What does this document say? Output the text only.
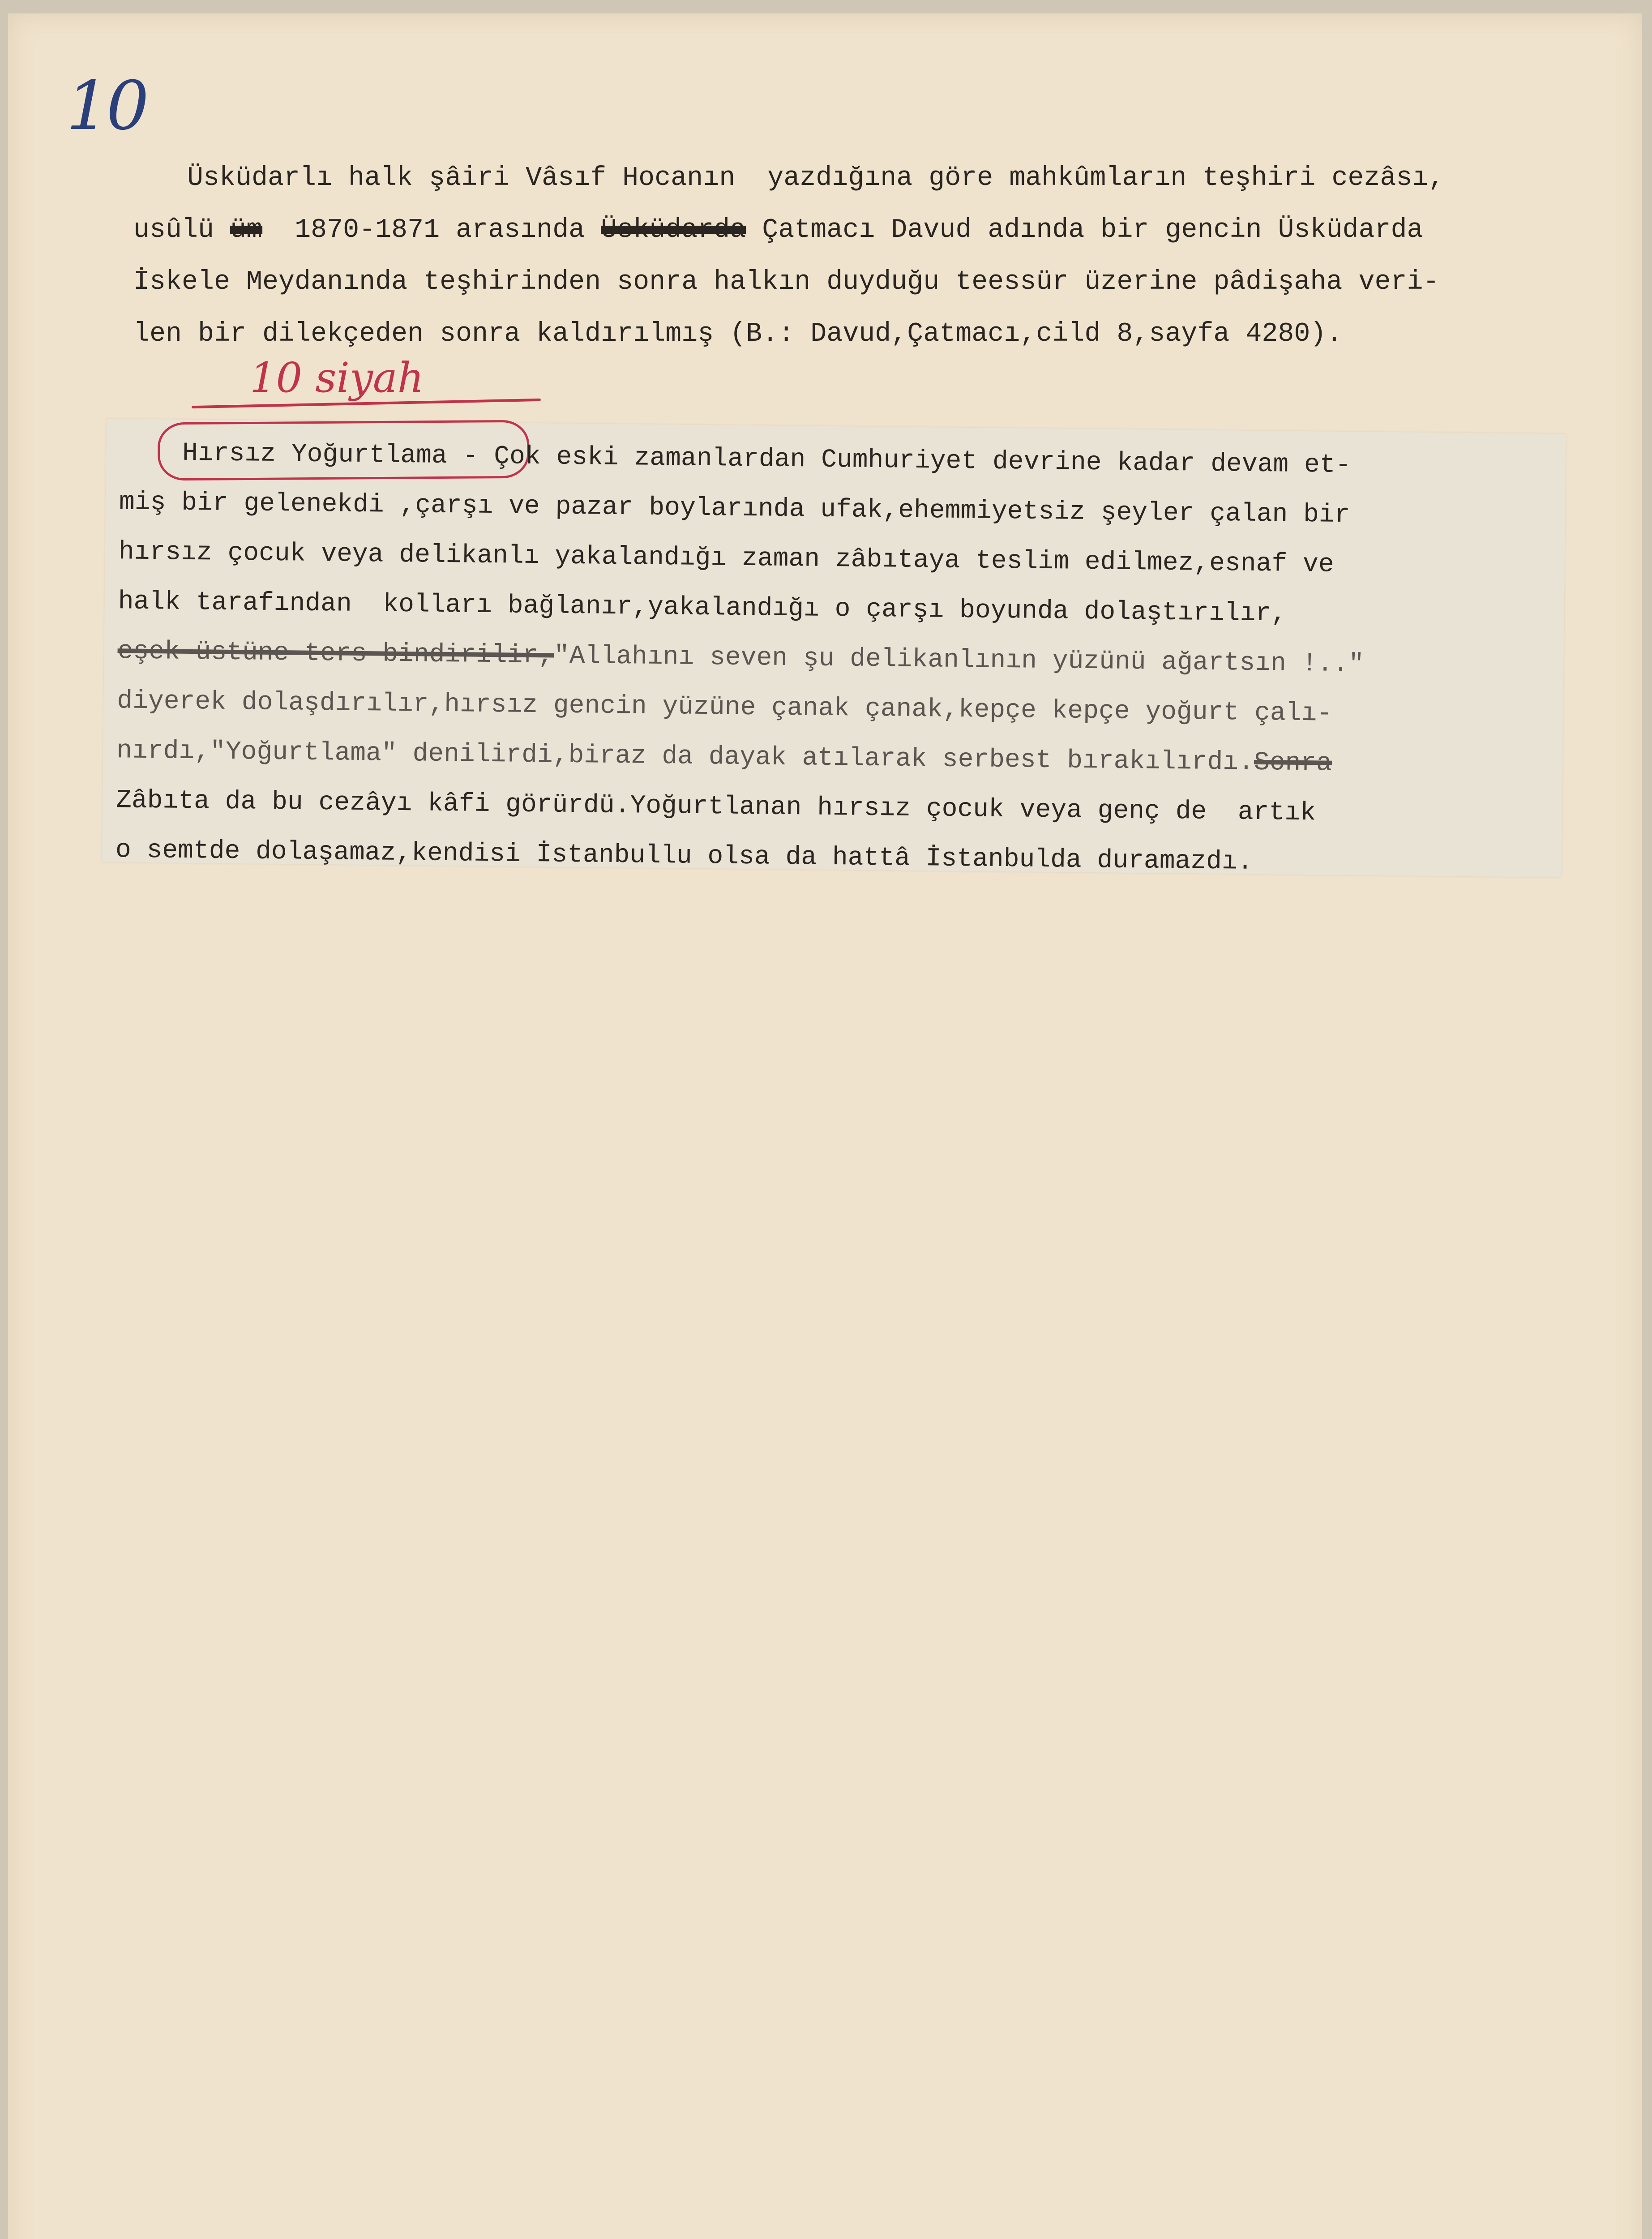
10
Üsküdarlı halk şâiri Vâsıf Hocanın  yazdığına göre mahkûmların teşhiri cezâsı,
usûlü üm 1870-1871 arasında Üsküdarda Çatmacı Davud adında bir gencin Üsküdarda
İskele Meydanında teşhirinden sonra halkın duyduğu teessür üzerine pâdişaha veri-
len bir dilekçeden sonra kaldırılmış (B.: Davud,Çatmacı,cild 8,sayfa 4280).
10 siyah
Hırsız Yoğurtlama - Çok eski zamanlardan Cumhuriyet devrine kadar devam et-
miş bir gelenekdi ,çarşı ve pazar boylarında ufak,ehemmiyetsiz şeyler çalan bir
hırsız çocuk veya delikanlı yakalandığı zaman zâbıtaya teslim edilmez,esnaf ve
halk tarafından  kolları bağlanır,yakalandığı o çarşı boyunda dolaştırılır,
eşek üstüne ters bindirilir,"Allahını seven şu delikanlının yüzünü ağartsın !.."
diyerek dolaşdırılır,hırsız gencin yüzüne çanak çanak,kepçe kepçe yoğurt çalı-
nırdı,"Yoğurtlama" denilirdi,biraz da dayak atılarak serbest bırakılırdı.Sonra
Zâbıta da bu cezâyı kâfi görürdü.Yoğurtlanan hırsız çocuk veya genç de  artık
o semtde dolaşamaz,kendisi İstanbullu olsa da hattâ İstanbulda duramazdı.
